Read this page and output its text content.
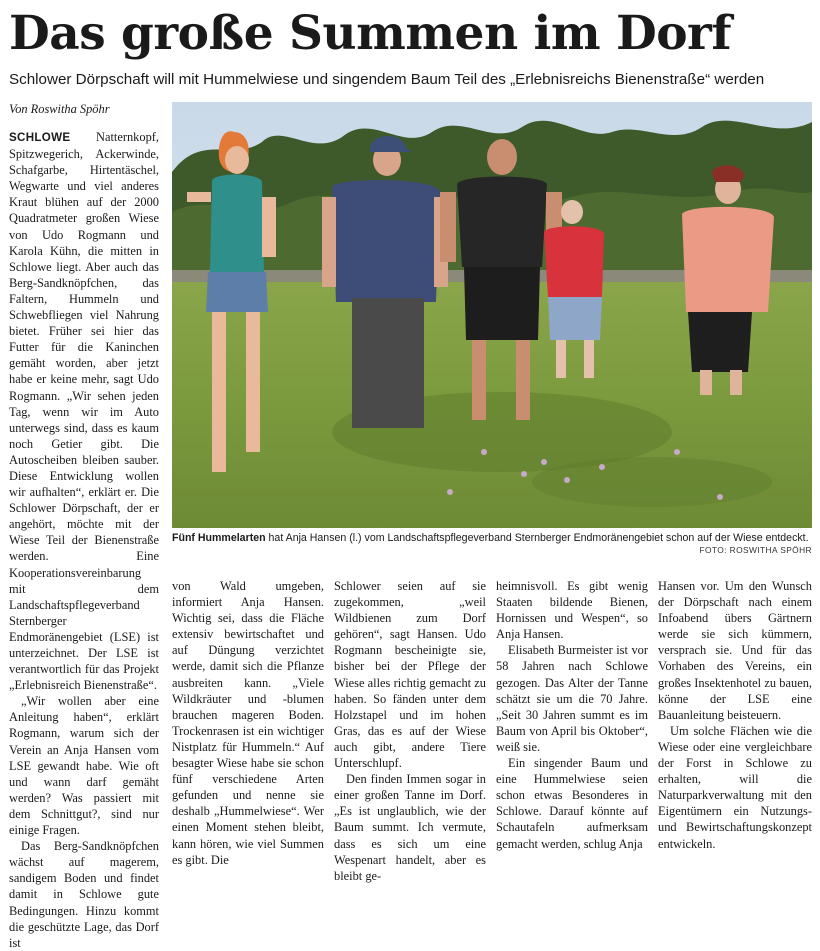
Das große Summen im Dorf
Schlower Dörpschaft will mit Hummelwiese und singendem Baum Teil des „Erlebnisreichs Bienenstraße“ werden
Von Roswitha Spöhr

SCHLOWE Natternkopf, Spitzwegerich, Ackerwinde, Schafgarbe, Hirtentäschel, Wegwarte und viel anderes Kraut blühen auf der 2000 Quadratmeter großen Wiese von Udo Rogmann und Karola Kühn, die mitten in Schlowe liegt. Aber auch das Berg-Sandknöpfchen, das Faltern, Hummeln und Schwebfliegen viel Nahrung bietet. Früher sei hier das Futter für die Kaninchen gemäht worden, aber jetzt habe er keine mehr, sagt Udo Rogmann. „Wir sehen jeden Tag, wenn wir im Auto unterwegs sind, dass es kaum noch Getier gibt. Die Autoscheiben bleiben sauber. Diese Entwicklung wollen wir aufhalten“, erklärt er. Die Schlower Dörpschaft, der er angehört, möchte mit der Wiese Teil der Bienenstraße werden. Eine Kooperationsvereinbarung mit dem Landschaftspflegeverband Sternberger Endmoränengebiet (LSE) ist unterzeichnet. Der LSE ist verantwortlich für das Projekt „Erlebnisreich Bienenstraße“.

„Wir wollen aber eine Anleitung haben“, erklärt Rogmann, warum sich der Verein an Anja Hansen vom LSE gewandt habe. Wie oft und wann darf gemäht werden? Was passiert mit dem Schnittgut?, sind nur einige Fragen.

Das Berg-Sandknöpfchen wächst auf magerem, sandigem Boden und findet damit in Schlowe gute Bedingungen. Hinzu kommt die geschützte Lage, das Dorf ist

Fünf Hummelarten hat Anja Hansen (l.) vom Landschaftspflegeverband Sternberger Endmoränengebiet schon auf der Wiese entdeckt.
FOTO: ROSWITHA SPÖHR

von Wald umgeben, informiert Anja Hansen. Wichtig sei, dass die Fläche extensiv bewirtschaftet und auf Düngung verzichtet werde, damit sich die Pflanze ausbreiten kann. „Viele Wildkräuter und -blumen brauchen mageren Boden. Trockenrasen ist ein wichtiger Nistplatz für Hummeln.“ Auf besagter Wiese habe sie schon fünf verschiedene Arten gefunden und nenne sie deshalb „Hummelwiese“. Wer einen Moment stehen bleibt, kann hören, wie viel Summen es gibt. Die

Schlower seien auf sie zugekommen, „weil Wildbienen zum Dorf gehören“, sagt Hansen. Udo Rogmann bescheinigte sie, bisher bei der Pflege der Wiese alles richtig gemacht zu haben. So fänden unter dem Holzstapel und im hohen Gras, das es auf der Wiese auch gibt, andere Tiere Unterschlupf.

Den finden Immen sogar in einer großen Tanne im Dorf. „Es ist unglaublich, wie der Baum summt. Ich vermute, dass es sich um eine Wespenart handelt, aber es bleibt ge-

heimnisvoll. Es gibt wenig Staaten bildende Bienen, Hornissen und Wespen“, so Anja Hansen.

Elisabeth Burmeister ist vor 58 Jahren nach Schlowe gezogen. Das Alter der Tanne schätzt sie um die 70 Jahre. „Seit 30 Jahren summt es im Baum von April bis Oktober“, weiß sie.

Ein singender Baum und eine Hummelwiese seien schon etwas Besonderes in Schlowe. Darauf könnte auf Schautafeln aufmerksam gemacht werden, schlug Anja

Hansen vor. Um den Wunsch der Dörpschaft nach einem Infoabend übers Gärtnern werde sie sich kümmern, versprach sie. Und für das Vorhaben des Vereins, ein großes Insektenhotel zu bauen, könne der LSE eine Bauanleitung beisteuern.

Um solche Flächen wie die Wiese oder eine vergleichbare der Forst in Schlowe zu erhalten, will die Naturparkverwaltung mit den Eigentümern ein Nutzungs- und Bewirtschaftungskonzept entwickeln.
